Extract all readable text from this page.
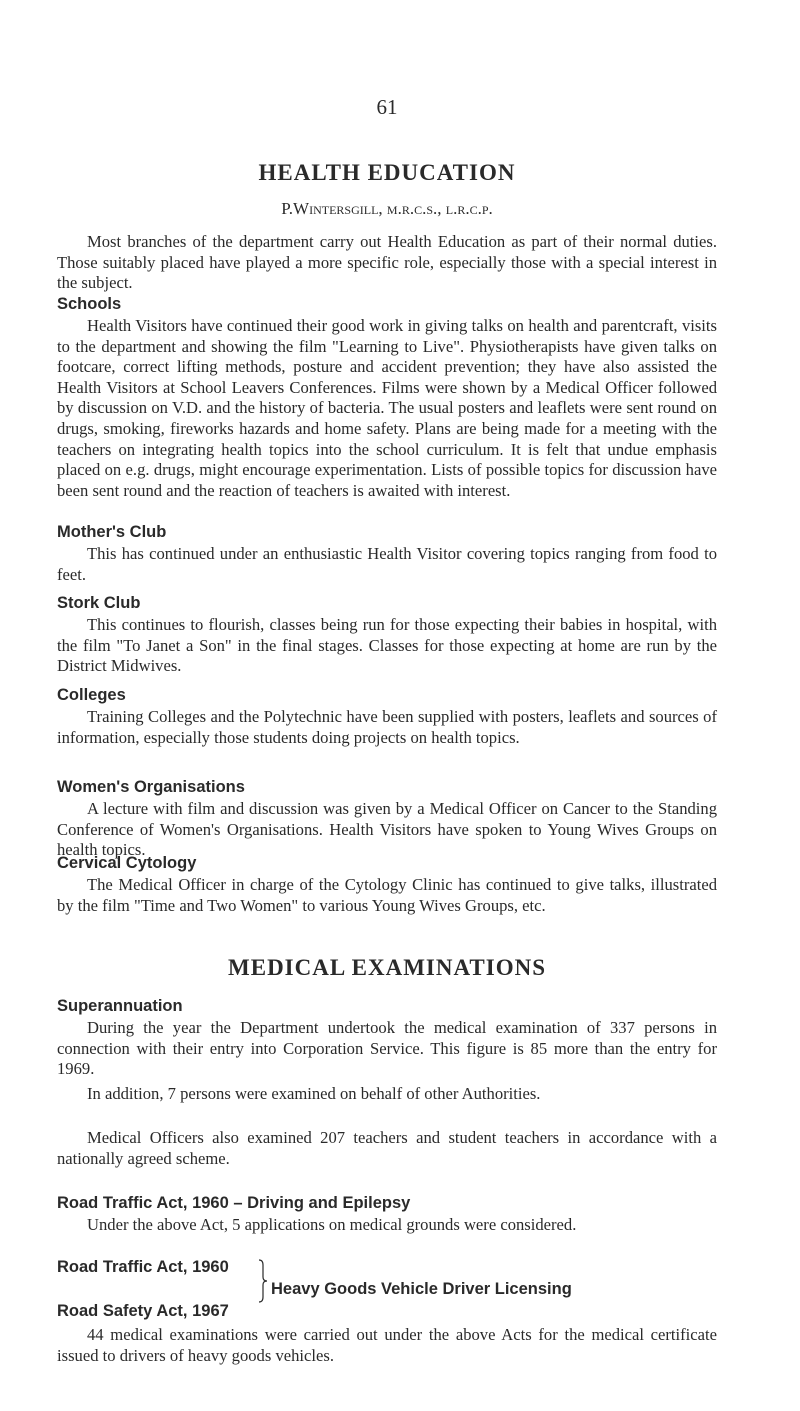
61
HEALTH EDUCATION
P.Wintersgill, m.r.c.s., l.r.c.p.
Most branches of the department carry out Health Education as part of their normal duties. Those suitably placed have played a more specific role, especially those with a special interest in the subject.
Schools
Health Visitors have continued their good work in giving talks on health and parentcraft, visits to the department and showing the film "Learning to Live". Physiotherapists have given talks on footcare, correct lifting methods, posture and accident prevention; they have also assisted the Health Visitors at School Leavers Conferences. Films were shown by a Medical Officer followed by discussion on V.D. and the history of bacteria. The usual posters and leaflets were sent round on drugs, smoking, fireworks hazards and home safety. Plans are being made for a meeting with the teachers on integrating health topics into the school curriculum. It is felt that undue emphasis placed on e.g. drugs, might encourage experimentation. Lists of possible topics for discussion have been sent round and the reaction of teachers is awaited with interest.
Mother's Club
This has continued under an enthusiastic Health Visitor covering topics ranging from food to feet.
Stork Club
This continues to flourish, classes being run for those expecting their babies in hospital, with the film "To Janet a Son" in the final stages. Classes for those expecting at home are run by the District Midwives.
Colleges
Training Colleges and the Polytechnic have been supplied with posters, leaflets and sources of information, especially those students doing projects on health topics.
Women's Organisations
A lecture with film and discussion was given by a Medical Officer on Cancer to the Standing Conference of Women's Organisations. Health Visitors have spoken to Young Wives Groups on health topics.
Cervical Cytology
The Medical Officer in charge of the Cytology Clinic has continued to give talks, illustrated by the film "Time and Two Women" to various Young Wives Groups, etc.
MEDICAL EXAMINATIONS
Superannuation
During the year the Department undertook the medical examination of 337 persons in connection with their entry into Corporation Service. This figure is 85 more than the entry for 1969.
In addition, 7 persons were examined on behalf of other Authorities.
Medical Officers also examined 207 teachers and student teachers in accordance with a nationally agreed scheme.
Road Traffic Act, 1960 – Driving and Epilepsy
Under the above Act, 5 applications on medical grounds were considered.
Road Traffic Act, 1960
Road Safety Act, 1967
Heavy Goods Vehicle Driver Licensing
44 medical examinations were carried out under the above Acts for the medical certificate issued to drivers of heavy goods vehicles.
